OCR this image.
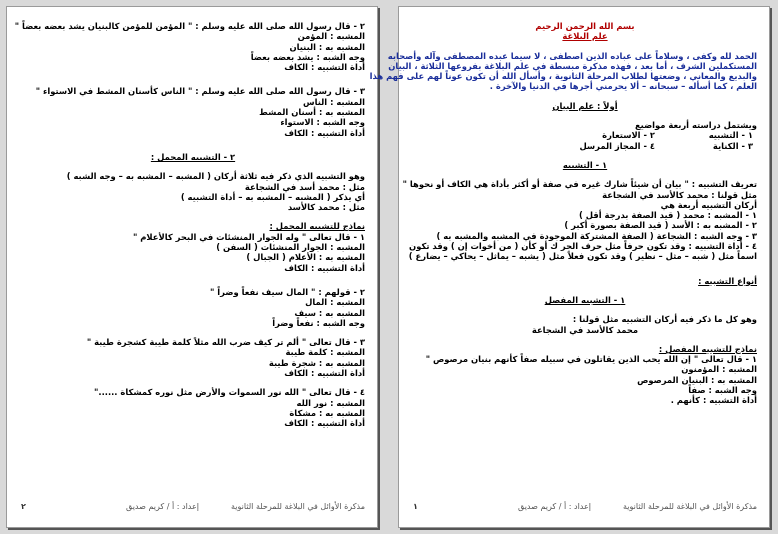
٢ - قال رسول الله صلى الله عليه وسلم : " المؤمن للمؤمن كالبنيان يشد بعضه بعضاً "
المشبه : المؤمن
المشبه به : البنيان
وجه الشبه : يشد بعضه بعضاً
أداة التشبيه : الكاف
٣ - قال رسول الله صلى الله عليه وسلم : " الناس كأسنان المشط في الاستواء "
المشبه : الناس
المشبه به : أسنان المشط
وجه الشبه : الاستواء
أداة التشبيه : الكاف
٢ - التشبيه المجمل :
وهو التشبيه الذي ذكر فيه ثلاثة أركان ( المشبه – المشبه به – وجه الشبه )
مثل : محمد أسد في الشجاعة
أي يذكر ( المشبه – المشبه به – أداة التشبيه )
مثل : محمد كالأسد
نماذج للتشبيه المجمل :
١ - قال تعالى " وله الجوار المنشئات في البحر كالأعلام "
المشبه : الجوار المنشئات ( السفن )
المشبه به : الأعلام ( الجبال )
أداة التشبيه : الكاف
٢ - قولهم : " المال سيف نفعاً وضراً "
المشبه : المال
المشبه به : سيف
وجه الشبه : نفعاً وضراً
٣ - قال تعالى " ألم تر كيف ضرب الله مثلاً كلمة طيبة كشجرة طيبة "
المشبه : كلمة طيبة
المشبه به : شجرة طيبة
أداة التشبيه : الكاف
٤ - قال تعالى " الله نور السموات والأرض مثل نوره كمشكاة ......"
المشبه : نور الله
المشبه به : مشكاة
أداة التشبيه : الكاف
مذكرة الأوائل في البلاغة للمرحلة الثانوية
إعداد : أ / كريم صديق
٢
بسم الله الرحمن الرحيم
علم البلاغة
الحمد لله وكفى ، وسلاماً على عباده الذين اصطفى ، لا سيما عبده المصطفى وآله وأصحابه
المستكملين الشرف ، أما بعد ، فهذه مذكرة مبسطة في علم البلاغة بفروعها الثلاثة ، البيان
والبديع والمعاني ، وضعتها لطلاب المرحلة الثانوية ، وأسأل الله أن تكون عوناً لهم على فهم هذا
العلم ، كما أسأله – سبحانه – ألا يحرمني أجرها في الدنيا والآخرة .
أولاً : علم البيان
ويشتمل دراسته أربعة مواضيع
١ - التشبيه
٢ - الاستعارة
٣ - الكناية
٤ - المجاز المرسل
١ - التشبيه
تعريف التشبيه : " بيان أن شيئاً شارك غيره في صفة أو أكثر بأداة هي الكاف أو نحوها "
مثل قولنا : محمد كالأسد في الشجاعة
أركان التشبيه أربعة هي
١ - المشبه : محمد ( قيد الصفة بدرجة أقل )
٢ - المشبه به : الأسد ( قيد الصفة بصورة أكبر )
٣ - وجه الشبه : الشجاعة ( الصفة المشتركة الموجودة في المشبه والمشبه به )
٤ - أداة التشبيه : وقد تكون حرفاً مثل حرف الجر ك أو كأن ( من أخوات إن ) وقد تكون
اسماً مثل ( شبه – مثل – نظير ) وقد تكون فعلاً مثل ( يشبه – يماثل – يحاكي – يضارع )
أنواع التشبيه :
١ - التشبيه المفصل
وهو كل ما ذكر فيه أركان التشبيه مثل قولنا :
محمد كالأسد في الشجاعة
نماذج للتشبيه المفصل :
١ - قال تعالى " إن الله يحب الذين يقاتلون في سبيله صفاً كأنهم بنيان مرصوص "
المشبه : المؤمنون
المشبه به : البنيان المرصوص
وجه الشبه : صفاً
أداة التشبيه : كأنهم .
مذكرة الأوائل في البلاغة للمرحلة الثانوية
إعداد : أ / كريم صديق
١
